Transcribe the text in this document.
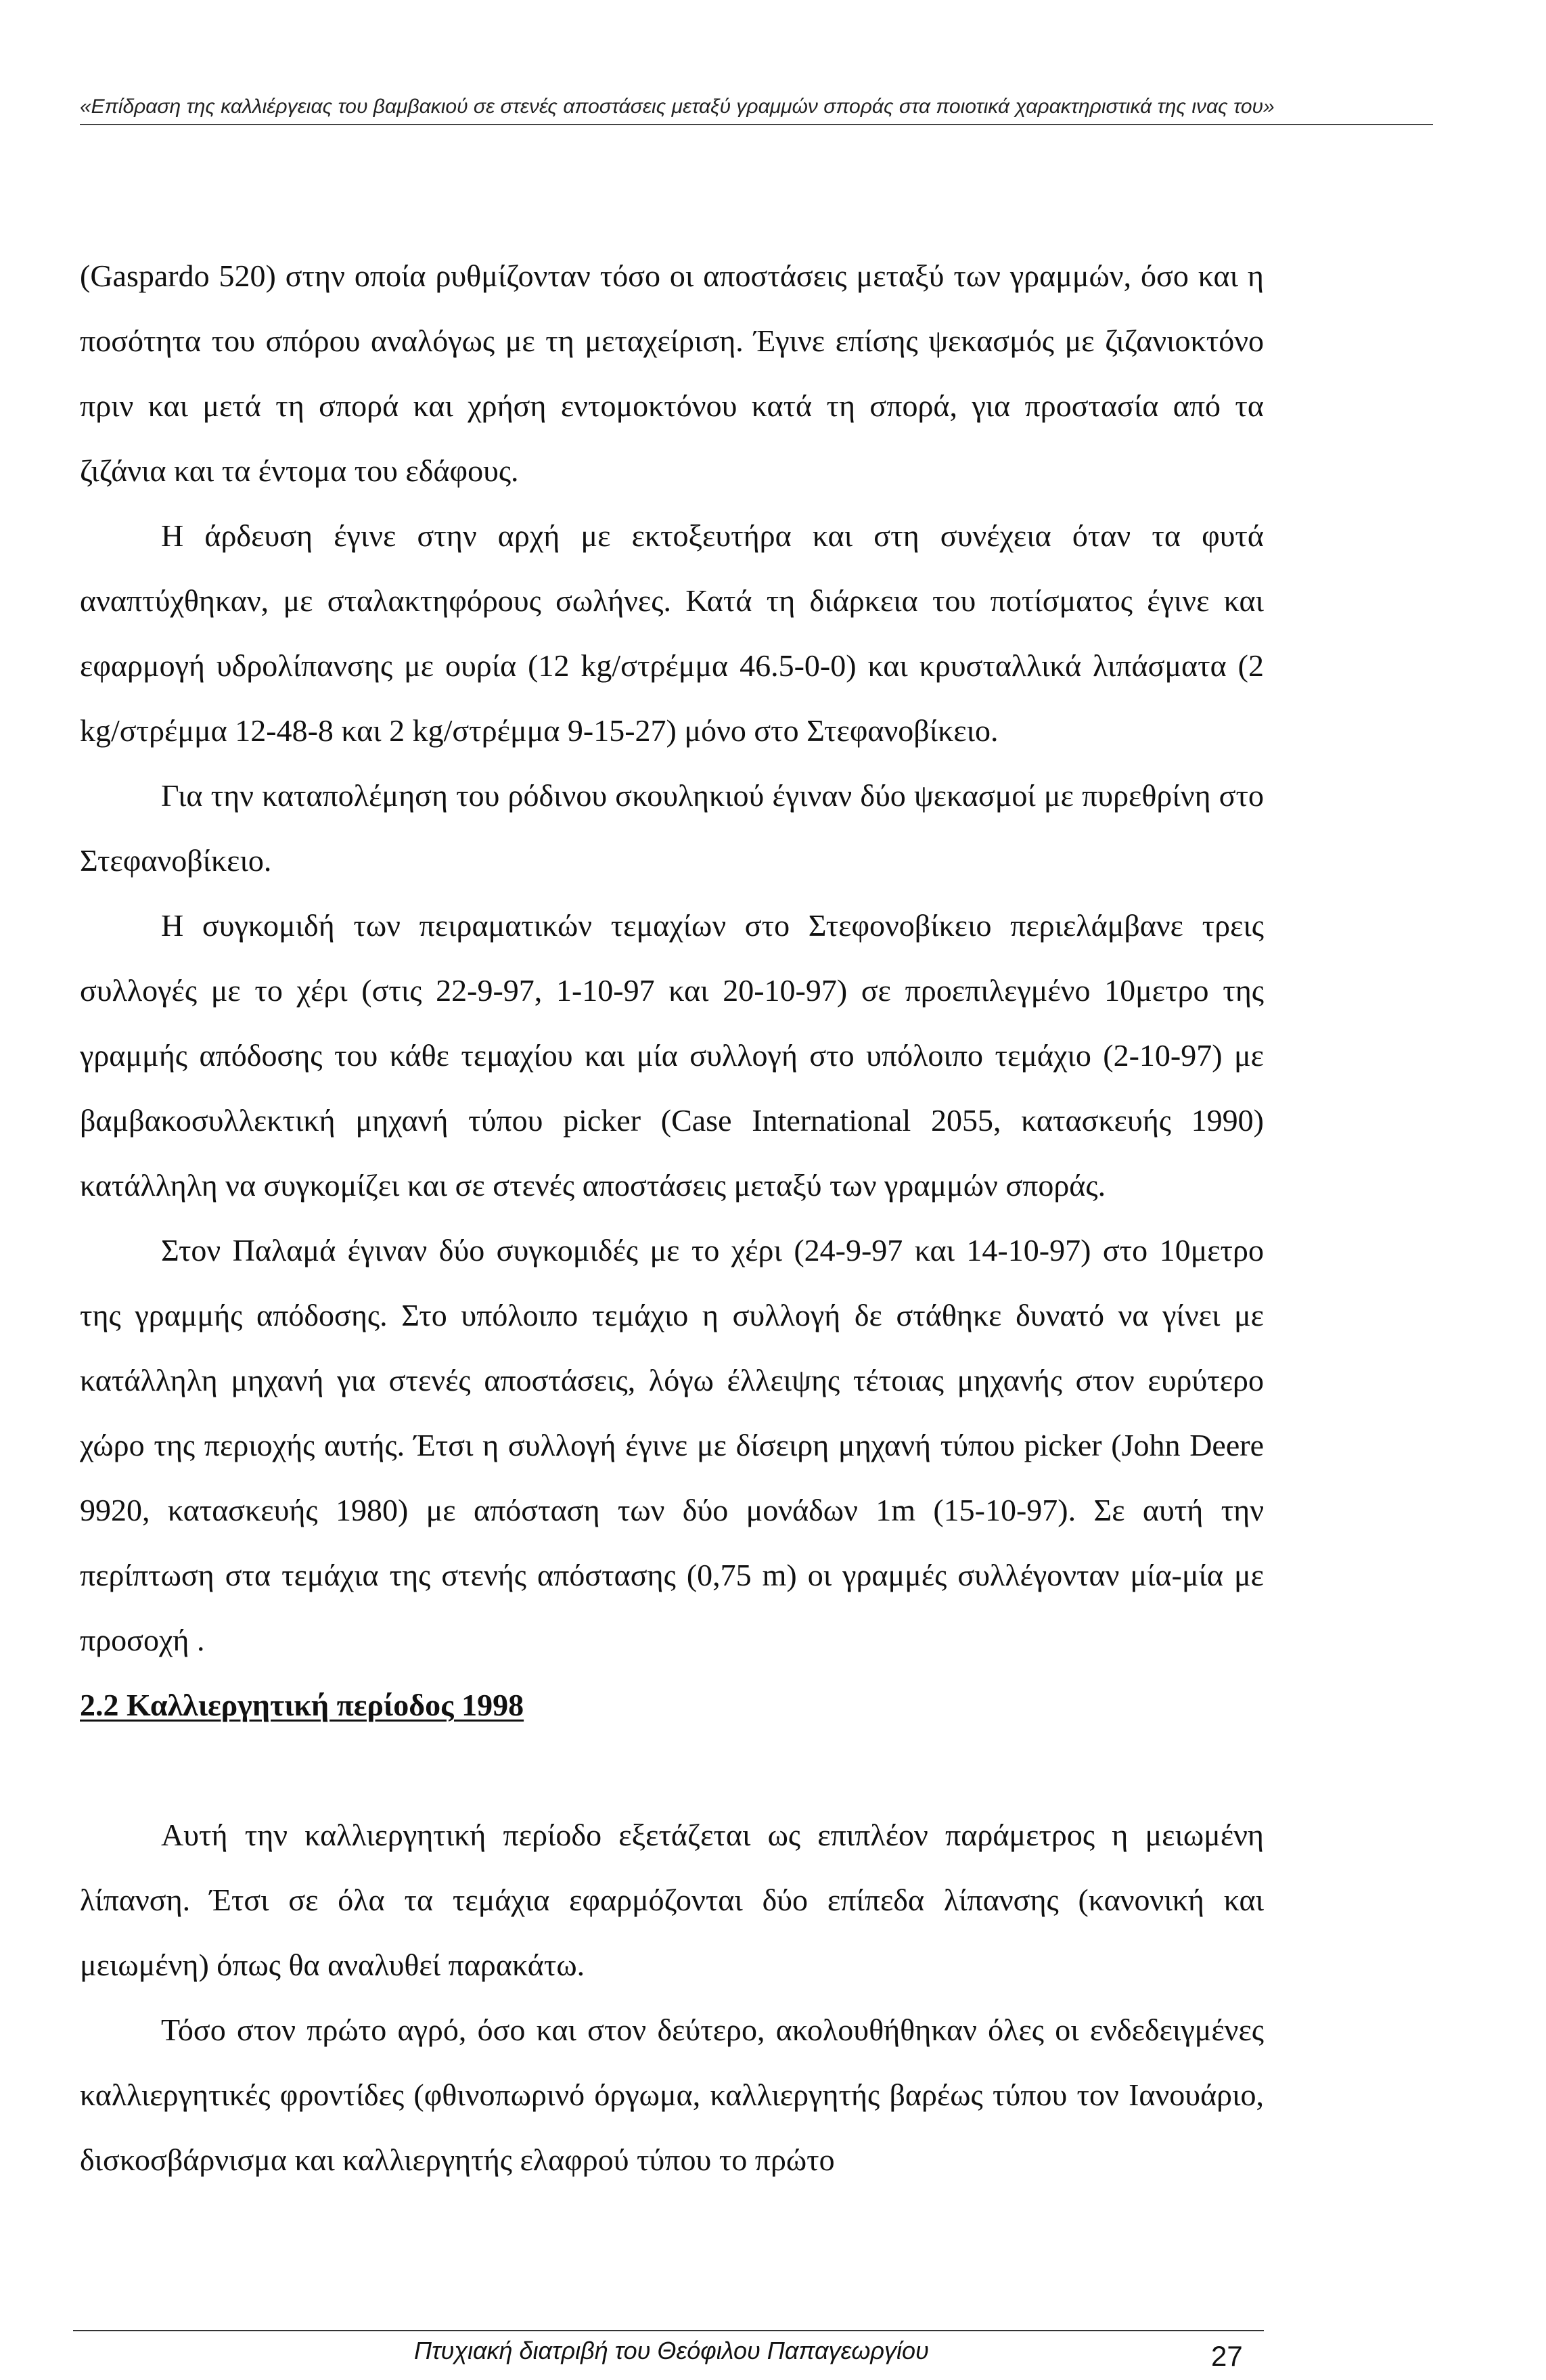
«Επίδραση της καλλιέργειας του βαμβακιού σε στενές αποστάσεις μεταξύ γραμμών σποράς στα ποιοτικά χαρακτηριστικά της ινας του»

(Gaspardo 520) στην οποία ρυθμίζονταν τόσο οι αποστάσεις μεταξύ των γραμμών, όσο και η ποσότητα του σπόρου αναλόγως με τη μεταχείριση. Έγινε επίσης ψεκασμός με ζιζανιοκτόνο πριν και μετά τη σπορά και χρήση εντομοκτόνου κατά τη σπορά, για προστασία από τα ζιζάνια και τα έντομα του εδάφους.

Η άρδευση έγινε στην αρχή με εκτοξευτήρα και στη συνέχεια όταν τα φυτά αναπτύχθηκαν, με σταλακτηφόρους σωλήνες. Κατά τη διάρκεια του ποτίσματος έγινε και εφαρμογή υδρολίπανσης με ουρία (12 kg/στρέμμα 46.5-0-0) και κρυσταλλικά λιπάσματα (2 kg/στρέμμα 12-48-8 και 2 kg/στρέμμα 9-15-27) μόνο στο Στεφανοβίκειο.

Για την καταπολέμηση του ρόδινου σκουληκιού έγιναν δύο ψεκασμοί με πυρεθρίνη στο Στεφανοβίκειο.

Η συγκομιδή των πειραματικών τεμαχίων στο Στεφονοβίκειο περιελάμβανε τρεις συλλογές με το χέρι (στις 22-9-97, 1-10-97 και 20-10-97) σε προεπιλεγμένο 10μετρο της γραμμής απόδοσης του κάθε τεμαχίου και μία συλλογή στο υπόλοιπο τεμάχιο (2-10-97) με βαμβακοσυλλεκτική μηχανή τύπου picker (Case International 2055, κατασκευής 1990) κατάλληλη να συγκομίζει και σε στενές αποστάσεις μεταξύ των γραμμών σποράς.

Στον Παλαμά έγιναν δύο συγκομιδές με το χέρι (24-9-97 και 14-10-97) στο 10μετρο της γραμμής απόδοσης. Στο υπόλοιπο τεμάχιο η συλλογή δε στάθηκε δυνατό να γίνει με κατάλληλη μηχανή για στενές αποστάσεις, λόγω έλλειψης τέτοιας μηχανής στον ευρύτερο χώρο της περιοχής αυτής. Έτσι η συλλογή έγινε με δίσειρη μηχανή τύπου picker (John Deere 9920, κατασκευής 1980) με απόσταση των δύο μονάδων 1m (15-10-97). Σε αυτή την περίπτωση στα τεμάχια της στενής απόστασης (0,75 m) οι γραμμές συλλέγονταν μία-μία με προσοχή .

2.2 Καλλιεργητική περίοδος 1998

Αυτή την καλλιεργητική περίοδο εξετάζεται ως επιπλέον παράμετρος η μειωμένη λίπανση. Έτσι σε όλα τα τεμάχια εφαρμόζονται δύο επίπεδα λίπανσης (κανονική και μειωμένη) όπως θα αναλυθεί παρακάτω.

Τόσο στον πρώτο αγρό, όσο και στον δεύτερο, ακολουθήθηκαν όλες οι ενδεδειγμένες καλλιεργητικές φροντίδες (φθινοπωρινό όργωμα, καλλιεργητής βαρέως τύπου τον Ιανουάριο, δισκοσβάρνισμα και καλλιεργητής ελαφρού τύπου το πρώτο

Πτυχιακή διατριβή του Θεόφιλου Παπαγεωργίου	27
